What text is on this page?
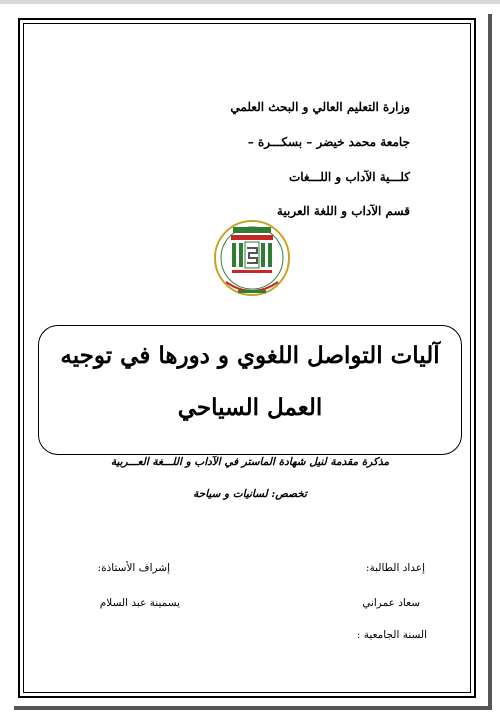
وزارة التعليم العالي و البحث العلمي
جامعة محمد خيضر – بسكـــرة –
كلـــية الآداب و اللـــغات
قسم الآداب و اللغة العربية
آليات التواصل اللغوي و دورها في توجيه
العمل السياحي
مذكرة مقدمة لنيل شهادة الماستر في الآداب و اللـــغة العـــربية
تخصص: لسانيات و سياحة
إعداد الطالبة:
إشراف الأستاذة:
سعاد عمراني
يسمينة عبد السلام
السنة الجامعية :
